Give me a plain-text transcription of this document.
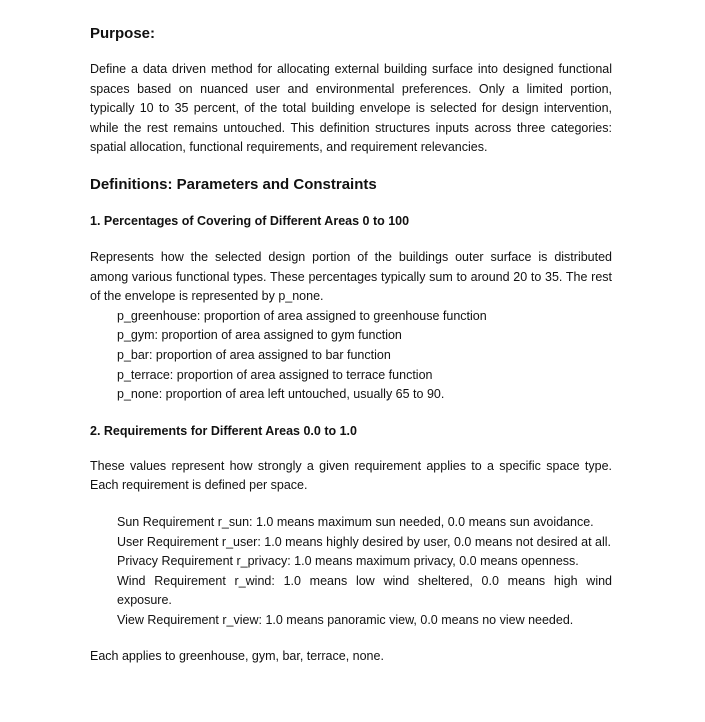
Purpose:

Define a data driven method for allocating external building surface into designed functional spaces based on nuanced user and environmental preferences. Only a limited portion, typically 10 to 35 percent, of the total building envelope is selected for design intervention, while the rest remains untouched. This definition structures inputs across three categories: spatial allocation, functional requirements, and requirement relevancies.

Definitions: Parameters and Constraints
1. Percentages of Covering of Different Areas 0 to 100

Represents how the selected design portion of the buildings outer surface is distributed among various functional types. These percentages typically sum to around 20 to 35. The rest of the envelope is represented by p_none.

p_greenhouse: proportion of area assigned to greenhouse function
p_gym: proportion of area assigned to gym function
p_bar: proportion of area assigned to bar function
p_terrace: proportion of area assigned to terrace function
p_none: proportion of area left untouched, usually 65 to 90.
2. Requirements for Different Areas 0.0 to 1.0

These values represent how strongly a given requirement applies to a specific space type. Each requirement is defined per space.

Sun Requirement r_sun: 1.0 means maximum sun needed, 0.0 means sun avoidance.

User Requirement r_user: 1.0 means highly desired by user, 0.0 means not desired at all.

Privacy Requirement r_privacy: 1.0 means maximum privacy, 0.0 means openness.

Wind Requirement r_wind: 1.0 means low wind sheltered, 0.0 means high wind exposure.

View Requirement r_view: 1.0 means panoramic view, 0.0 means no view needed.

Each applies to greenhouse, gym, bar, terrace, none.
